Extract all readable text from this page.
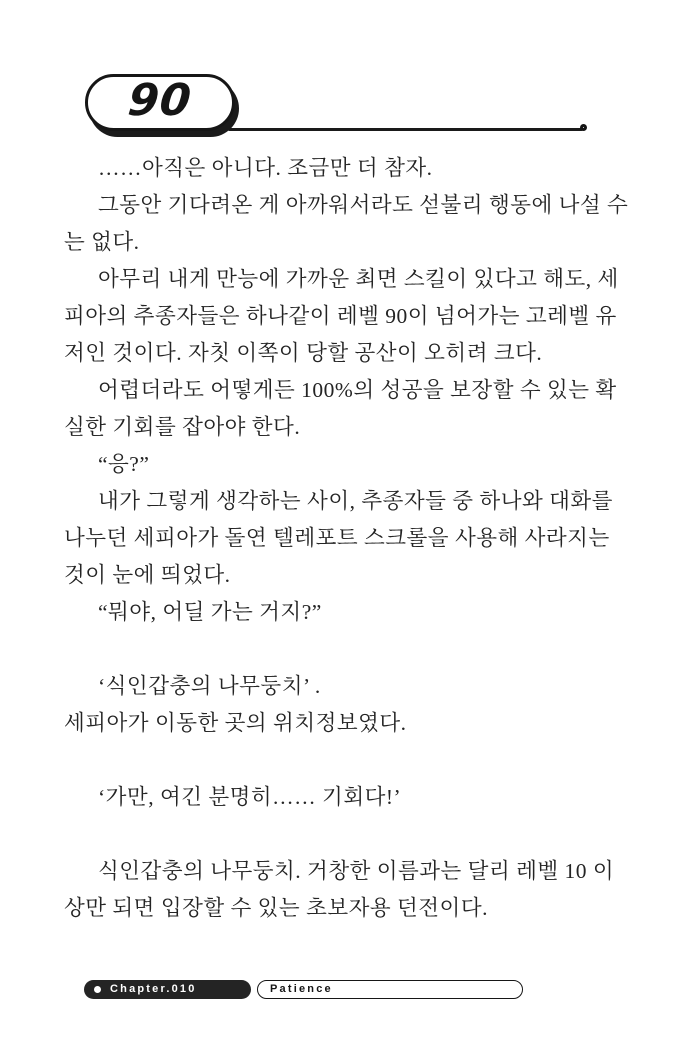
90
……아직은 아니다. 조금만 더 참자.
그동안 기다려온 게 아까워서라도 섣불리 행동에 나설 수
는 없다.
아무리 내게 만능에 가까운 최면 스킬이 있다고 해도, 세
피아의 추종자들은 하나같이 레벨 90이 넘어가는 고레벨 유
저인 것이다. 자칫 이쪽이 당할 공산이 오히려 크다.
어렵더라도 어떻게든 100%의 성공을 보장할 수 있는 확
실한 기회를 잡아야 한다.
“응?”
내가 그렇게 생각하는 사이, 추종자들 중 하나와 대화를
나누던 세피아가 돌연 텔레포트 스크롤을 사용해 사라지는
것이 눈에 띄었다.
“뭐야, 어딜 가는 거지?”
‘식인갑충의 나무둥치’ .
세피아가 이동한 곳의 위치정보였다.
‘가만, 여긴 분명히…… 기회다!’
식인갑충의 나무둥치. 거창한 이름과는 달리 레벨 10 이
상만 되면 입장할 수 있는 초보자용 던전이다.
Chapter.010	Patience
